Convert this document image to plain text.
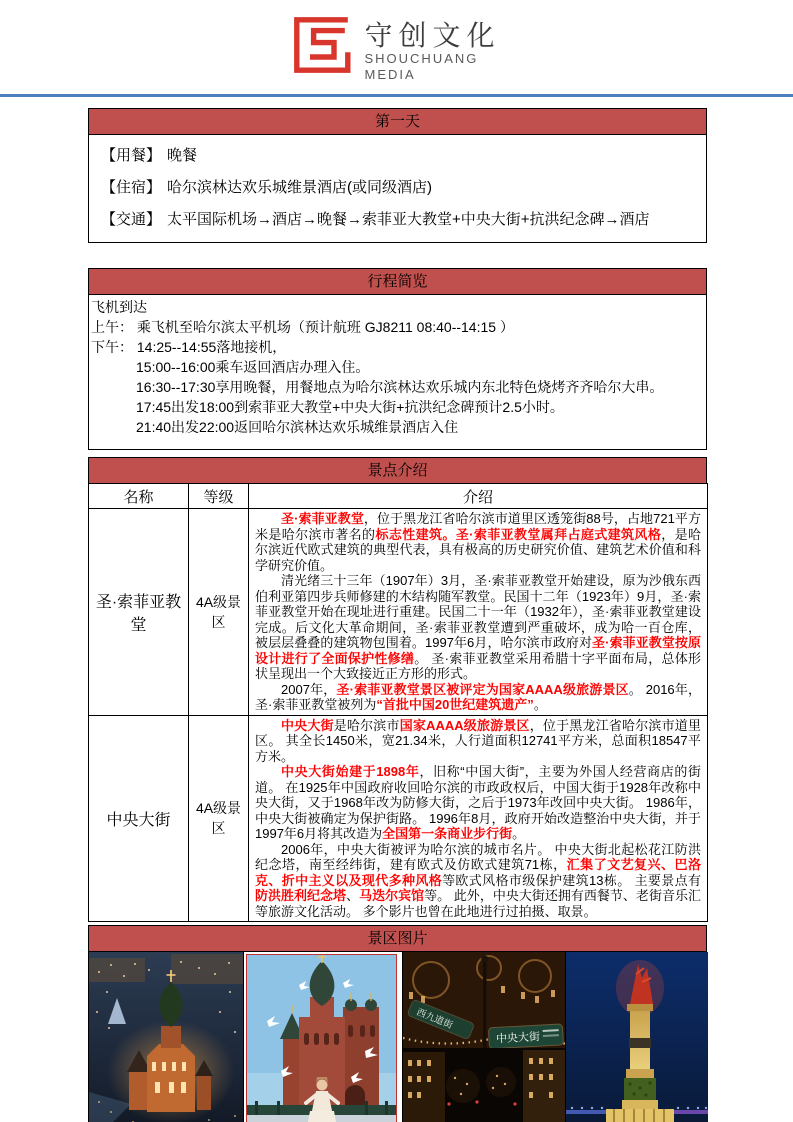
守创文化
SHOUCHUANG
MEDIA
第一天
【用餐】 晚餐
【住宿】 哈尔滨林达欢乐城维景酒店(或同级酒店)
【交通】 太平国际机场→酒店→晚餐→索菲亚大教堂+中央大街+抗洪纪念碑→酒店
行程简览
飞机到达
上午： 乘飞机至哈尔滨太平机场（预计航班 GJ8211 08:40--14:15 ）
下午： 14:25--14:55落地接机，
15:00--16:00乘车返回酒店办理入住。
16:30--17:30享用晚餐，用餐地点为哈尔滨林达欢乐城内东北特色烧烤齐齐哈尔大串。
17:45出发18:00到索菲亚大教堂+中央大街+抗洪纪念碑预计2.5小时。
21:40出发22:00返回哈尔滨林达欢乐城维景酒店入住
景点介绍
名称	等级	介绍
圣·索菲亚教堂	4A级景区	圣·索菲亚教堂，位于黑龙江省哈尔滨市道里区透笼街88号，占地721平方米是哈尔滨市著名的标志性建筑。圣·索菲亚教堂属拜占庭式建筑风格，是哈尔滨近代欧式建筑的典型代表，具有极高的历史研究价值、建筑艺术价值和科学研究价值。

清光绪三十三年（1907年）3月，圣·索菲亚教堂开始建设，原为沙俄东西伯利亚第四步兵师修建的木结构随军教堂。民国十二年（1923年）9月，圣·索菲亚教堂开始在现址进行重建。民国二十一年（1932年），圣·索菲亚教堂建设完成。后文化大革命期间，圣·索菲亚教堂遭到严重破坏，成为哈一百仓库，被层层叠叠的建筑物包围着。1997年6月，哈尔滨市政府对圣·索菲亚教堂按原设计进行了全面保护性修缮。 圣·索菲亚教堂采用希腊十字平面布局，总体形状呈现出一个大致接近正方形的形式。

2007年，圣·索菲亚教堂景区被评定为国家AAAA级旅游景区。 2016年，圣·索菲亚教堂被列为“首批中国20世纪建筑遗产”。

中央大街	4A级景区	中央大街是哈尔滨市国家AAAA级旅游景区，位于黑龙江省哈尔滨市道里区。 其全长1450米，宽21.34米，人行道面积12741平方米，总面积18547平方米。

中央大街始建于1898年，旧称“中国大街”，主要为外国人经营商店的街道。 在1925年中国政府收回哈尔滨的市政政权后，中国大街于1928年改称中央大街，又于1968年改为防修大街，之后于1973年改回中央大街。 1986年，中央大街被确定为保护街路。 1996年8月，政府开始改造整治中央大街，并于1997年6月将其改造为全国第一条商业步行街。

2006年，中央大街被评为哈尔滨的城市名片。 中央大街北起松花江防洪纪念塔，南至经纬街，建有欧式及仿欧式建筑71栋，汇集了文艺复兴、巴洛克、折中主义以及现代多种风格等欧式风格市级保护建筑13栋。 主要景点有防洪胜利纪念塔、马迭尔宾馆等。 此外，中央大街还拥有西餐节、老街音乐汇等旅游文化活动。 多个影片也曾在此地进行过拍摄、取景。

景区图片
西九道街
中央大街
